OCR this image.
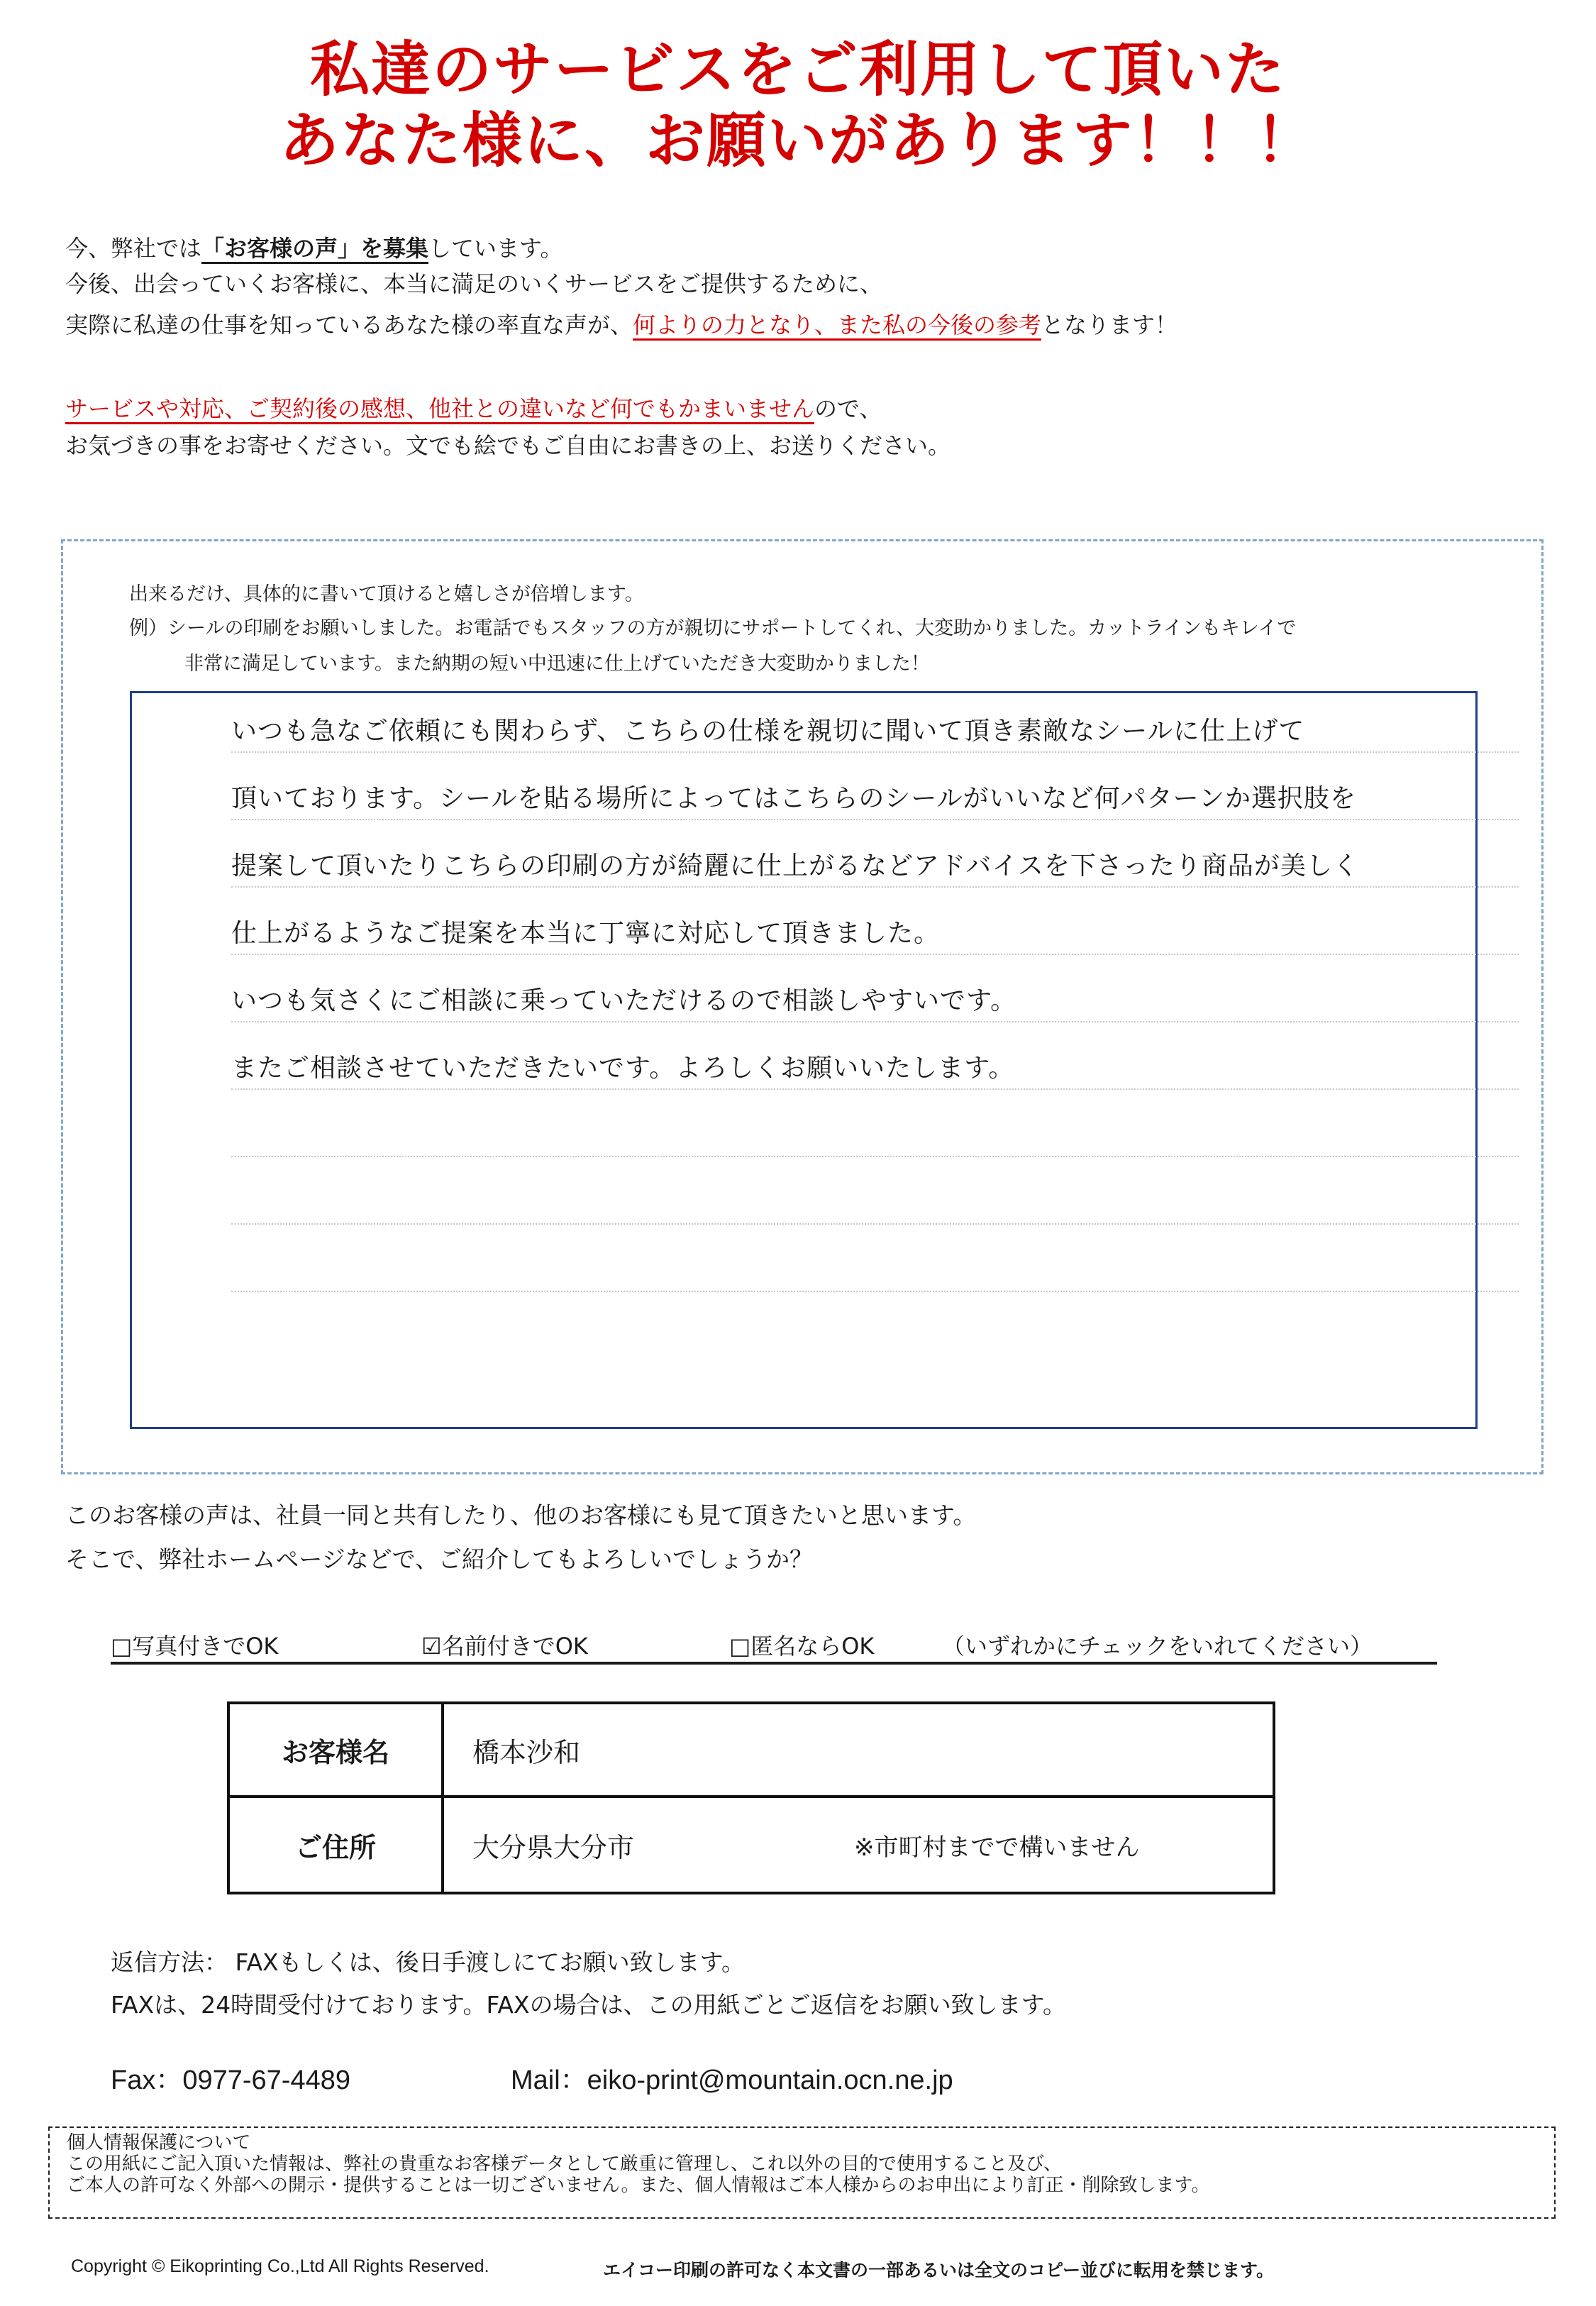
私達のサービスをご利用して頂いた
あなた様に、お願いがあります！！！
今、弊社では「お客様の声」を募集しています。
今後、出会っていくお客様に、本当に満足のいくサービスをご提供するために、
実際に私達の仕事を知っているあなた様の率直な声が、何よりの力となり、また私の今後の参考となります！
サービスや対応、ご契約後の感想、他社との違いなど何でもかまいませんので、
お気づきの事をお寄せください。文でも絵でもご自由にお書きの上、お送りください。
出来るだけ、具体的に書いて頂けると嬉しさが倍増します。
例）シールの印刷をお願いしました。お電話でもスタッフの方が親切にサポートしてくれ、大変助かりました。カットラインもキレイで
非常に満足しています。また納期の短い中迅速に仕上げていただき大変助かりました！
いつも急なご依頼にも関わらず、こちらの仕様を親切に聞いて頂き素敵なシールに仕上げて
頂いております。シールを貼る場所によってはこちらのシールがいいなど何パターンか選択肢を
提案して頂いたりこちらの印刷の方が綺麗に仕上がるなどアドバイスを下さったり商品が美しく
仕上がるようなご提案を本当に丁寧に対応して頂きました。
いつも気さくにご相談に乗っていただけるので相談しやすいです。
またご相談させていただきたいです。よろしくお願いいたします。
このお客様の声は、社員一同と共有したり、他のお客様にも見て頂きたいと思います。
そこで、弊社ホームページなどで、ご紹介してもよろしいでしょうか？
□写真付きでOK	☑名前付きでOK	□匿名ならOK	（いずれかにチェックをいれてください）
お客様名	橋本沙和
ご住所	大分県大分市	※市町村までで構いません
返信方法： FAXもしくは、後日手渡しにてお願い致します。
FAXは、24時間受付けております。FAXの場合は、この用紙ごとご返信をお願い致します。
Fax：0977-67-4489	Mail：eiko-print@mountain.ocn.ne.jp
個人情報保護について
この用紙にご記入頂いた情報は、弊社の貴重なお客様データとして厳重に管理し、これ以外の目的で使用すること及び、
ご本人の許可なく外部への開示・提供することは一切ございません。また、個人情報はご本人様からのお申出により訂正・削除致します。
Copyright © Eikoprinting Co.,Ltd All Rights Reserved.	エイコー印刷の許可なく本文書の一部あるいは全文のコピー並びに転用を禁じます。
